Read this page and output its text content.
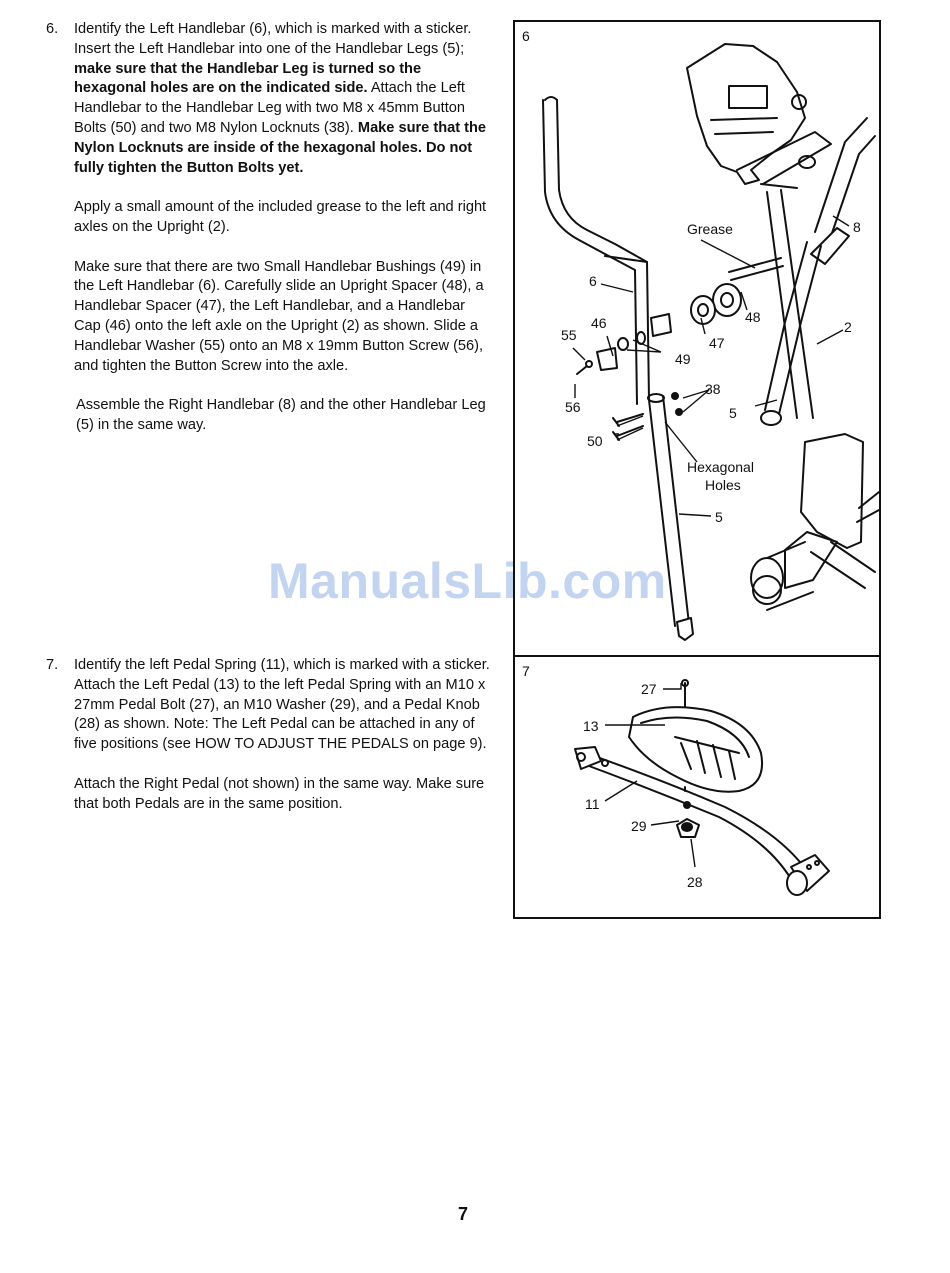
6. Identify the Left Handlebar (6), which is marked with a sticker. Insert the Left Handlebar into one of the Handlebar Legs (5); make sure that the Handlebar Leg is turned so the hexagonal holes are on the indicated side. Attach the Left Handlebar to the Handlebar Leg with two M8 x 45mm Button Bolts (50) and two M8 Nylon Locknuts (38). Make sure that the Nylon Locknuts are inside of the hexagonal holes. Do not fully tighten the Button Bolts yet.

Apply a small amount of the included grease to the left and right axles on the Upright (2).

Make sure that there are two Small Handlebar Bushings (49) in the Left Handlebar (6). Carefully slide an Upright Spacer (48), a Handlebar Spacer (47), the Left Handlebar, and a Handlebar Cap (46) onto the left axle on the Upright (2) as shown. Slide a Handlebar Washer (55) onto an M8 x 19mm Button Screw (56), and tighten the Button Screw into the axle.

Assemble the Right Handlebar (8) and the other Handlebar Leg (5) in the same way.

7. Identify the left Pedal Spring (11), which is marked with a sticker. Attach the Left Pedal (13) to the left Pedal Spring with an M10 x 27mm Pedal Bolt (27), an M10 Washer (29), and a Pedal Knob (28) as shown. Note: The Left Pedal can be attached in any of five positions (see HOW TO ADJUST THE PEDALS on page 9).

Attach the Right Pedal (not shown) in the same way. Make sure that both Pedals are in the same position.

6
Grease	8
2
6
48
46
55	47
49
38
56	5
50
Hexagonal
Holes
5
7
27
13
11
29
28
ManualsLib.com
7
